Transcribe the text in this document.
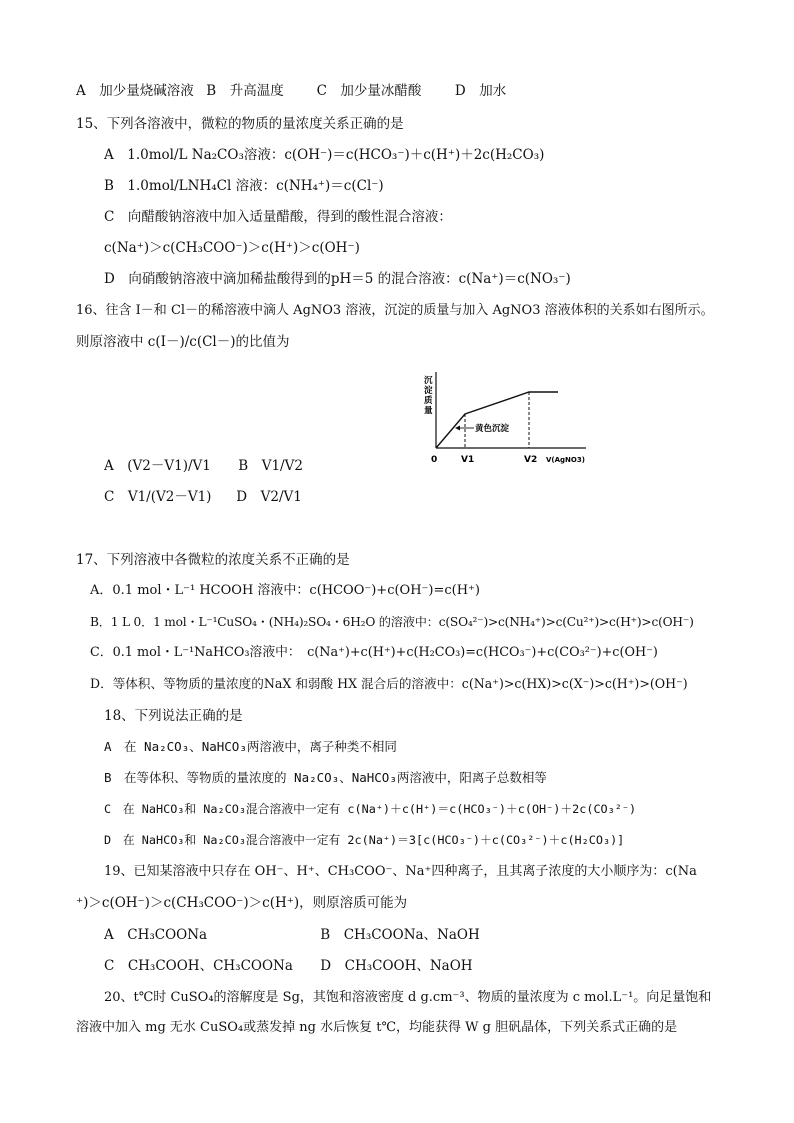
A　加少量烧碱溶液 B　升高温度 C　加少量冰醋酸 D　加水
15、下列各溶液中，微粒的物质的量浓度关系正确的是
A　1.0mol/L Na₂CO₃溶液：c(OH⁻)＝c(HCO₃⁻)＋c(H⁺)＋2c(H₂CO₃)
B　1.0mol/LNH₄Cl 溶液：c(NH₄⁺)＝c(Cl⁻)
C　向醋酸钠溶液中加入适量醋酸，得到的酸性混合溶液：
c(Na⁺)＞c(CH₃COO⁻)＞c(H⁺)＞c(OH⁻)
D　向硝酸钠溶液中滴加稀盐酸得到的pH＝5 的混合溶液：c(Na⁺)＝c(NO₃⁻)
16、往含 I－和 Cl－的稀溶液中滴人 AgNO3 溶液，沉淀的质量与加入 AgNO3 溶液体积的关系如右图所示。
则原溶液中 c(I－)/c(Cl－)的比值为
沉
淀
质
量
黄色沉淀
0	V1	V2 V(AgNO3)
A　(V2－V1)/V1 B　V1/V2
C　V1/(V2－V1) D　V2/V1
17、下列溶液中各微粒的浓度关系不正确的是
A．0.1 mol・L⁻¹ HCOOH 溶液中：c(HCOO⁻)+c(OH⁻)=c(H⁺)
B．1 L 0．1 mol・L⁻¹CuSO₄・(NH₄)₂SO₄・6H₂O 的溶液中：c(SO₄²⁻)>c(NH₄⁺)>c(Cu²⁺)>c(H⁺)>c(OH⁻)
C．0.1 mol・L⁻¹NaHCO₃溶液中：　c(Na⁺)+c(H⁺)+c(H₂CO₃)=c(HCO₃⁻)+c(CO₃²⁻)+c(OH⁻)
D．等体积、等物质的量浓度的NaX 和弱酸 HX 混合后的溶液中：c(Na⁺)>c(HX)>c(X⁻)>c(H⁺)>(OH⁻)
18、下列说法正确的是
A　在 Na₂CO₃、NaHCO₃两溶液中，离子种类不相同
B　在等体积、等物质的量浓度的 Na₂CO₃、NaHCO₃两溶液中，阳离子总数相等
C　在 NaHCO₃和 Na₂CO₃混合溶液中一定有 c(Na⁺)＋c(H⁺)＝c(HCO₃⁻)＋c(OH⁻)＋2c(CO₃²⁻)
D　在 NaHCO₃和 Na₂CO₃混合溶液中一定有 2c(Na⁺)＝3[c(HCO₃⁻)＋c(CO₃²⁻)＋c(H₂CO₃)]
19、已知某溶液中只存在 OH⁻、H⁺、CH₃COO⁻、Na⁺四种离子，且其离子浓度的大小顺序为：c(Na
⁺)＞c(OH⁻)＞c(CH₃COO⁻)＞c(H⁺)，则原溶质可能为
A　CH₃COONa	B　CH₃COONa、NaOH
C　CH₃COOH、CH₃COONa D　CH₃COOH、NaOH
20、t℃时 CuSO₄的溶解度是 Sg，其饱和溶液密度 d g.cm⁻³、物质的量浓度为 c mol.L⁻¹。向足量饱和
溶液中加入 mg 无水 CuSO₄或蒸发掉 ng 水后恢复 t℃，均能获得 W g 胆矾晶体，下列关系式正确的是
